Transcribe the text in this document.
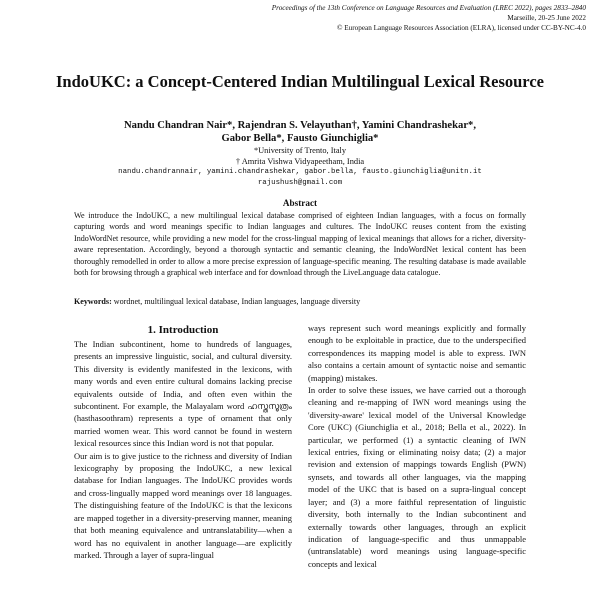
Proceedings of the 13th Conference on Language Resources and Evaluation (LREC 2022), pages 2833–2840
Marseille, 20-25 June 2022
© European Language Resources Association (ELRA), licensed under CC-BY-NC-4.0
IndoUKC: a Concept-Centered Indian Multilingual Lexical Resource
Nandu Chandran Nair*, Rajendran S. Velayuthan†, Yamini Chandrashekar*,
Gabor Bella*, Fausto Giunchiglia*
*University of Trento, Italy
† Amrita Vishwa Vidyapeetham, India
nandu.chandrannair, yamini.chandrashekar, gabor.bella, fausto.giunchiglia@unitn.it
rajushush@gmail.com
Abstract
We introduce the IndoUKC, a new multilingual lexical database comprised of eighteen Indian languages, with a focus on formally capturing words and word meanings specific to Indian languages and cultures. The IndoUKC reuses content from the existing IndoWordNet resource, while providing a new model for the cross-lingual mapping of lexical meanings that allows for a richer, diversity-aware representation. Accordingly, beyond a thorough syntactic and semantic cleaning, the IndoWordNet lexical content has been thoroughly remodelled in order to allow a more precise expression of language-specific meaning. The resulting database is made available both for browsing through a graphical web interface and for download through the LiveLanguage data catalogue.
Keywords: wordnet, multilingual lexical database, Indian languages, language diversity
1. Introduction

The Indian subcontinent, home to hundreds of languages, presents an impressive linguistic, social, and cultural diversity. This diversity is evidently manifested in the lexicons, with many words and even entire cultural domains lacking precise equivalents outside of India, and often even within the subcontinent. For example, the Malayalam word ഹസ്തസൂത്രം (hasthasoothram) represents a type of ornament that only married women wear. This word cannot be found in western lexical resources since this Indian word is not that popular.

Our aim is to give justice to the richness and diversity of Indian lexicography by proposing the IndoUKC, a new lexical database for Indian languages. The IndoUKC provides words and cross-lingually mapped word meanings over 18 languages. The distinguishing feature of the IndoUKC is that the lexicons are mapped together in a diversity-preserving manner, meaning that both meaning equivalence and untranslatability—when a word has no equivalent in another language—are explicitly marked. Through a layer of supra-lingual

ways represent such word meanings explicitly and formally enough to be exploitable in practice, due to the underspecified correspondences its mapping model is able to express. IWN also contains a certain amount of syntactic noise and semantic (mapping) mistakes.

In order to solve these issues, we have carried out a thorough cleaning and re-mapping of IWN word meanings using the 'diversity-aware' lexical model of the Universal Knowledge Core (UKC) (Giunchiglia et al., 2018; Bella et al., 2022). In particular, we performed (1) a syntactic cleaning of IWN lexical entries, fixing or eliminating noisy data; (2) a major revision and extension of mappings towards English (PWN) synsets, and towards all other languages, via the mapping model of the UKC that is based on a supra-lingual concept layer; and (3) a more faithful representation of linguistic diversity, both internally to the Indian subcontinent and externally towards other languages, through an explicit indication of language-specific and thus unmappable (untranslatable) word meanings using language-specific concepts and lexical
